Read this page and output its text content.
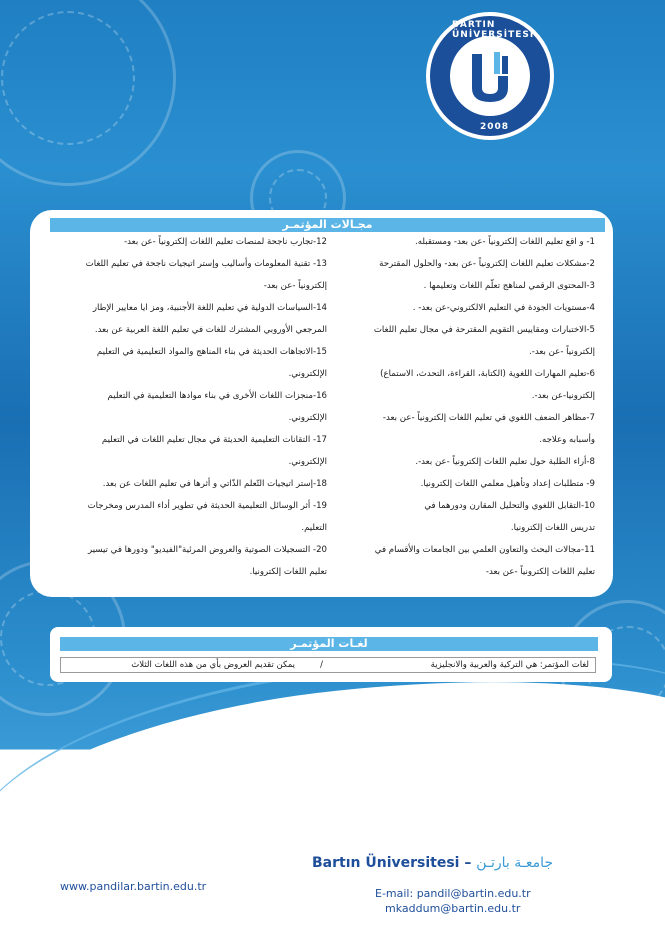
BARTIN ÜNİVERSİTESİ
2008
مجـالات المؤتمـر
1- و اقع تعليم اللغات إلكترونياً -عن بعد- ومستقبله.
2-مشكلات تعليم اللغات إلكترونياً -عن بعد- والحلول المقترحة
3-المحتوى الرقمي لمناهج تعلّم اللغات وتعليمها .
4-مستويات الجودة في التعليم الالكتروني-عن بعد- .
5-الاختبارات ومقاييس التقويم المقترحة في مجال تعليم اللغات
إلكترونياً -عن بعد-.
6-تعليم المهارات اللغوية (الكتابة، القراءة، التحدث، الاستماع)
إلكترونيا-عن بعد-.
7-مظاهر الضعف اللغوي في تعليم اللغات إلكترونياً -عن بعد-
وأسبابه وعلاجه.
8-أراء الطلبة حول تعليم اللغات إلكترونياً -عن بعد-.
9- متطلبات إعداد وتأهيل معلمي اللغات إلكترونيا.
10-التقابل اللغوي والتحليل المقارن ودورهما في
تدريس اللغات إلكترونيا.
11-مجالات البحث والتعاون العلمي بين الجامعات والأقسام في
تعليم اللغات إلكترونياً -عن بعد-
12-تجارب ناجحة لمنصات تعليم اللغات إلكترونياً -عن بعد-
13- تقنية المعلومات وأساليب وإستر اتيجيات ناجحة في تعليم اللغات
إلكترونياً -عن بعد-
14-السياسات الدولية في تعليم اللغة الأجنبية، ومز ايا معايير الإطار
المرجعي الأوروبي المشترك للغات في تعليم اللغة العربية عن بعد.
15-الاتجاهات الحديثة في بناء المناهج والمواد التعليمية في التعليم
الإلكتروني.
16-منجزات اللغات الأخرى في بناء موادها التعليمية في التعليم
الإلكتروني.
17- التقانات التعليمية الحديثة في مجال تعليم اللغات في التعليم
الإلكتروني.
18-إستر اتيجيات التّعلم الذّاتي و أثرها في تعليم اللغات عن بعد.
19- أثر الوسائل التعليمية الحديثة في تطوير أداء المدرس ومخرجات
التعليم.
20- التسجيلات الصوتية والعروض المرئية"الفيديو" ودورها في تيسير
تعليم اللغات إلكترونيا.
لغـات المؤتمـر
لغات المؤتمر: هي التركية والعربية والانجليزية
/
يمكن تقديم العروض بأي من هذه اللغات الثلاث
Bartın Üniversitesi – جامعـة بارتـن
www.pandilar.bartin.edu.tr
E-mail: pandil@bartin.edu.tr
mkaddum@bartin.edu.tr
